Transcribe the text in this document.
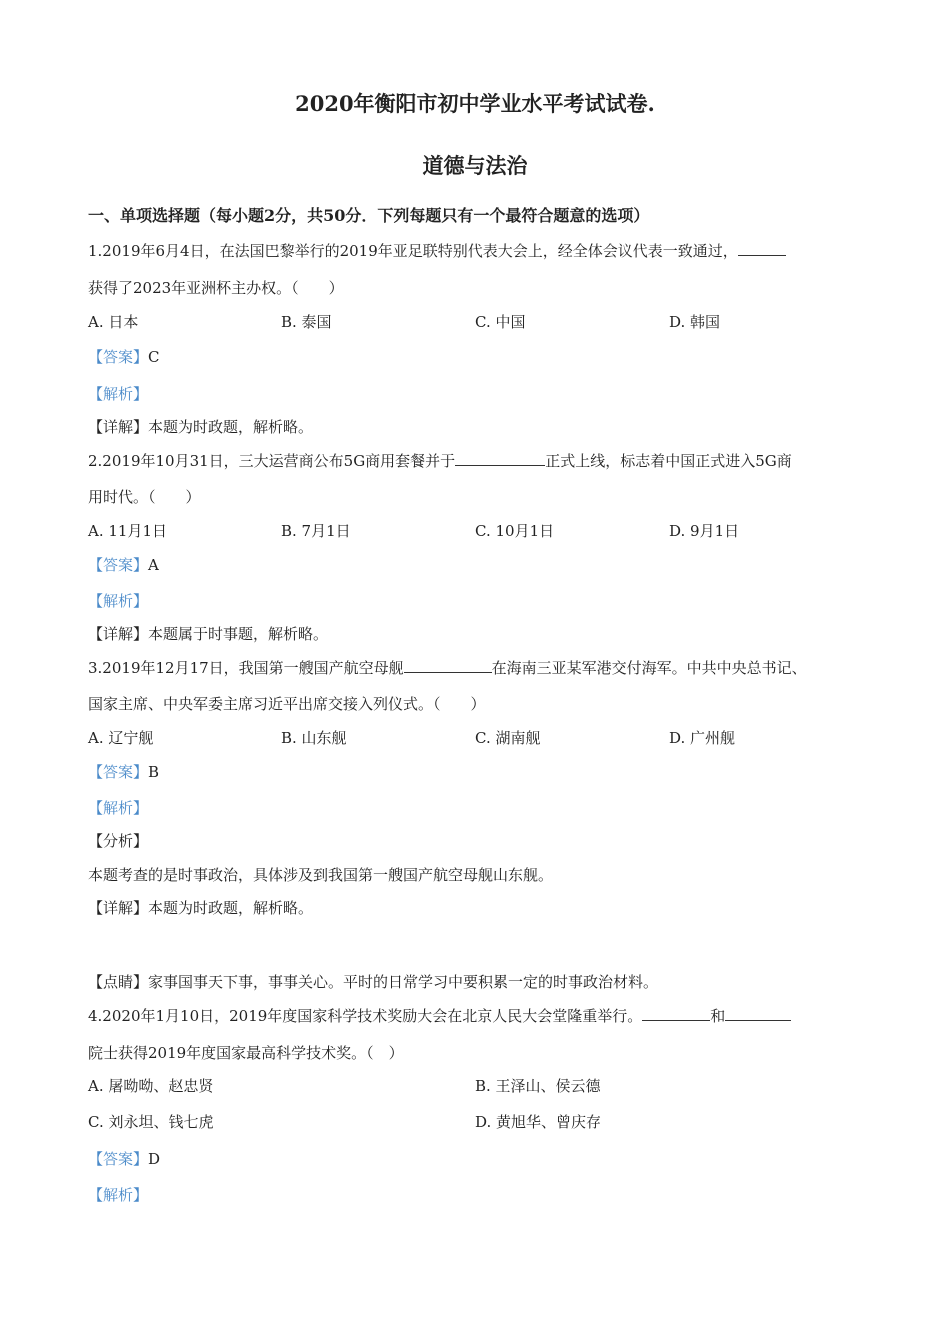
2020年衡阳市初中学业水平考试试卷.
道德与法治
一、单项选择题（每小题2分，共50分．下列每题只有一个最符合题意的选项）
1.2019年6月4日，在法国巴黎举行的2019年亚足联特别代表大会上，经全体会议代表一致通过，
获得了2023年亚洲杯主办权。（　　）
A. 日本	B. 泰国	C. 中国	D. 韩国
【答案】C
【解析】
【详解】本题为时政题，解析略。
2.2019年10月31日，三大运营商公布5G商用套餐并于	正式上线，标志着中国正式进入5G商
用时代。（　　）
A. 11月1日	B. 7月1日	C. 10月1日	D. 9月1日
【答案】A
【解析】
【详解】本题属于时事题，解析略。
3.2019年12月17日，我国第一艘国产航空母舰	在海南三亚某军港交付海军。中共中央总书记、
国家主席、中央军委主席习近平出席交接入列仪式。（　　）
A. 辽宁舰	B. 山东舰	C. 湖南舰	D. 广州舰
【答案】B
【解析】
【分析】
本题考查的是时事政治，具体涉及到我国第一艘国产航空母舰山东舰。
【详解】本题为时政题，解析略。
【点睛】家事国事天下事，事事关心。平时的日常学习中要积累一定的时事政治材料。
4.2020年1月10日，2019年度国家科学技术奖励大会在北京人民大会堂隆重举行。	和
院士获得2019年度国家最高科学技术奖。（　）
A. 屠呦呦、赵忠贤	B. 王泽山、侯云德
C. 刘永坦、钱七虎	D. 黄旭华、曾庆存
【答案】D
【解析】
